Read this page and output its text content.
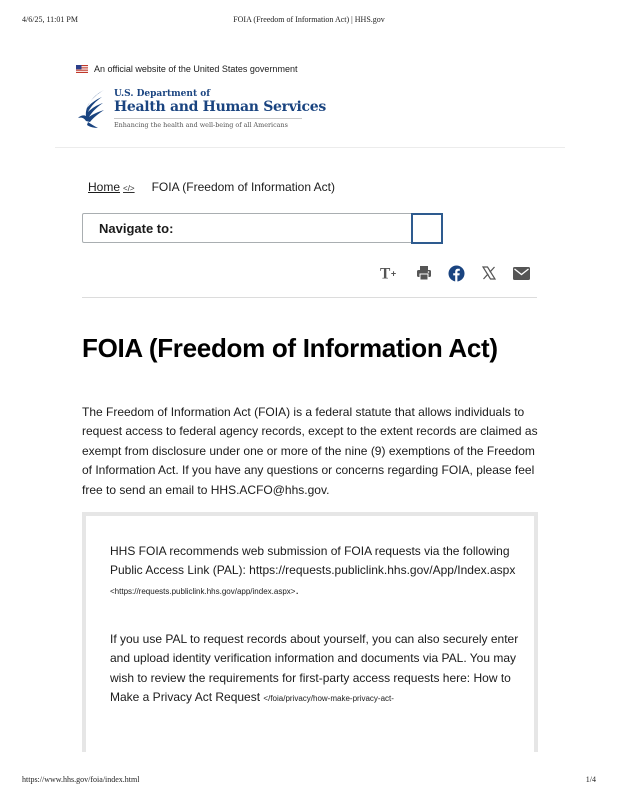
4/6/25, 11:01 PM	FOIA (Freedom of Information Act) | HHS.gov
An official website of the United States government
U.S. Department of
Health and Human Services
Enhancing the health and well-being of all Americans
Home </> FOIA (Freedom of Information Act)
Navigate to:
T +
FOIA (Freedom of Information Act)

The Freedom of Information Act (FOIA) is a federal statute that allows individuals to request access to federal agency records, except to the extent records are claimed as exempt from disclosure under one or more of the nine (9) exemptions of the Freedom of Information Act. If you have any questions or concerns regarding FOIA, please feel free to send an email to HHS.ACFO@hhs.gov.

HHS FOIA recommends web submission of FOIA requests via the following Public Access Link (PAL): https://requests.publiclink.hhs.gov/App/Index.aspx
<https://requests.publiclink.hhs.gov/app/index.aspx>.

If you use PAL to request records about yourself, you can also securely enter and upload identity verification information and documents via PAL. You may wish to review the requirements for first-party access requests here: How to Make a Privacy Act Request </foia/privacy/how-make-privacy-act-

https://www.hhs.gov/foia/index.html	1/4
